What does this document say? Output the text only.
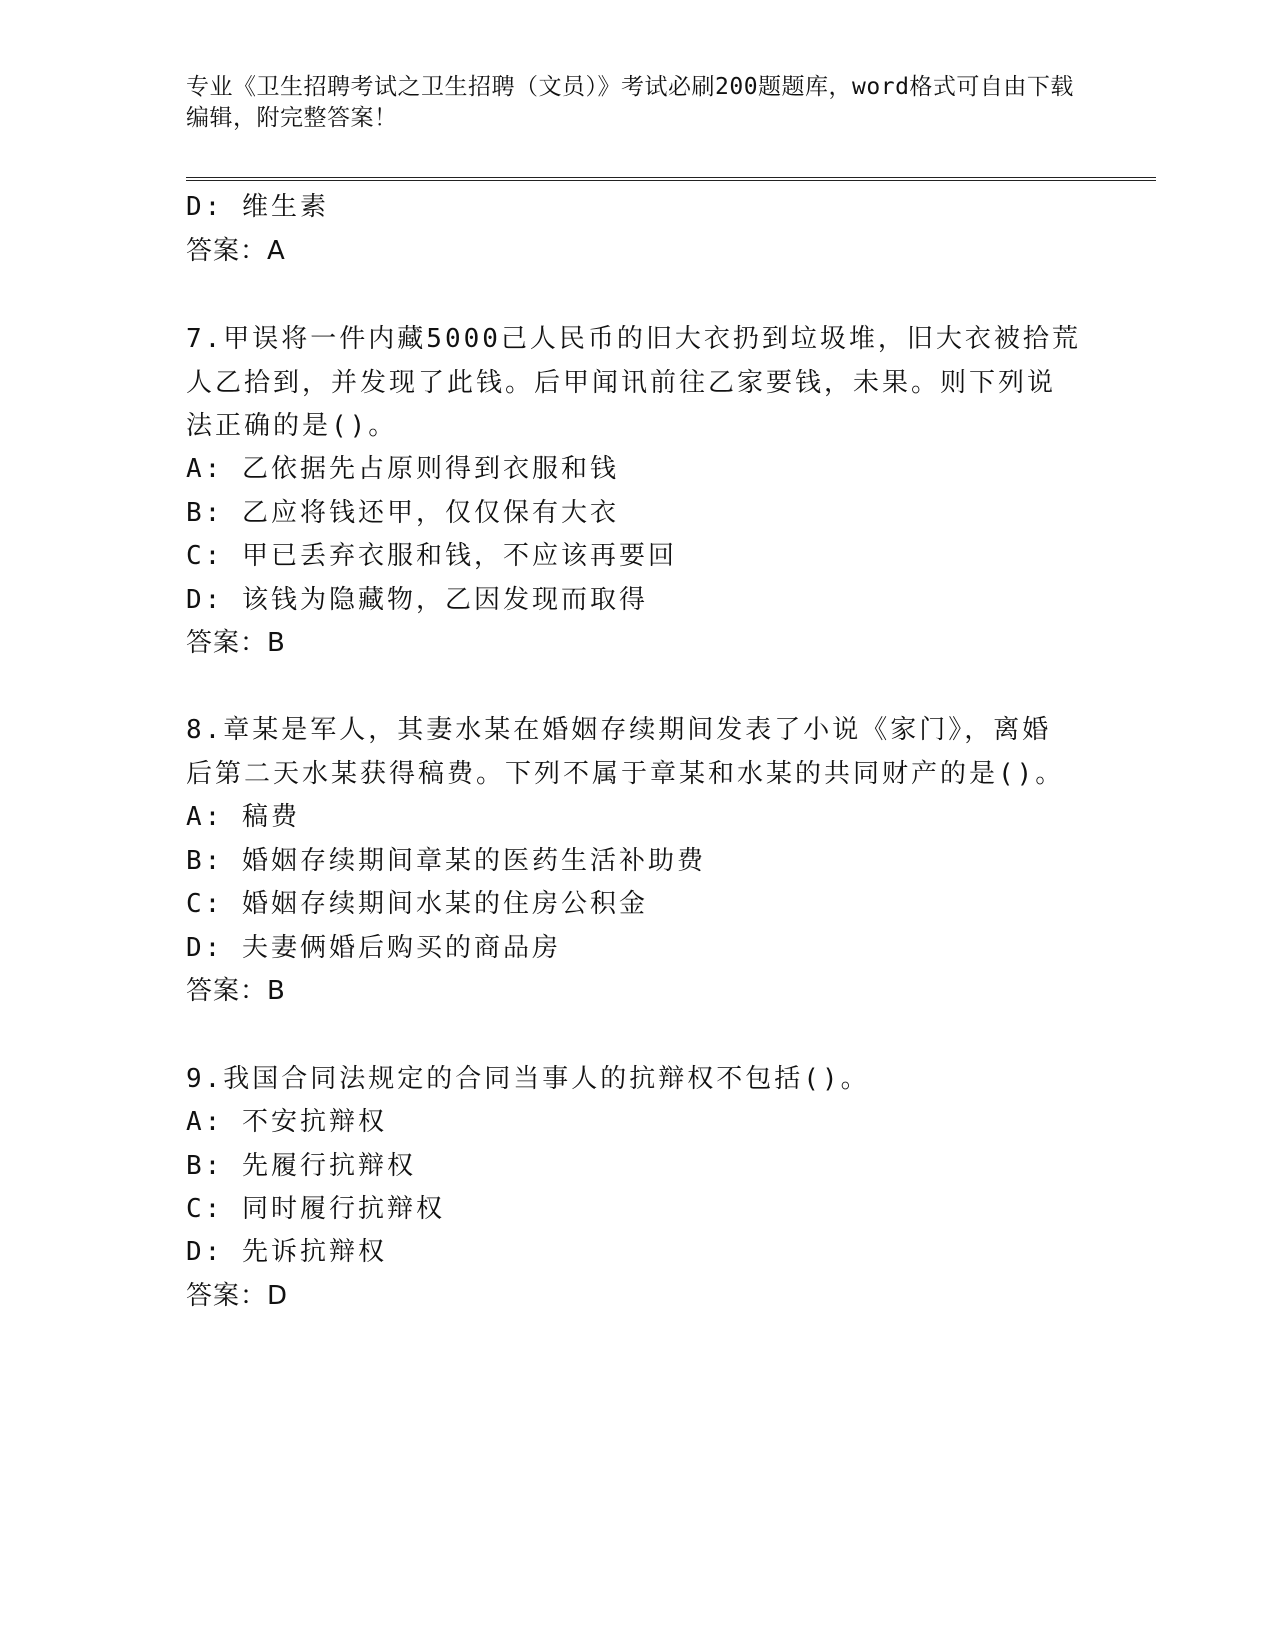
专业《卫生招聘考试之卫生招聘（文员）》考试必刷200题题库，word格式可自由下载编辑，附完整答案！
D: 维生素
答案：A
7.甲误将一件内藏5000己人民币的旧大衣扔到垃圾堆，旧大衣被拾荒
人乙拾到，并发现了此钱。后甲闻讯前往乙家要钱，未果。则下列说
法正确的是()。
A: 乙依据先占原则得到衣服和钱
B: 乙应将钱还甲，仅仅保有大衣
C: 甲已丢弃衣服和钱，不应该再要回
D: 该钱为隐藏物，乙因发现而取得
答案：B
8.章某是军人，其妻水某在婚姻存续期间发表了小说《家门》，离婚
后第二天水某获得稿费。下列不属于章某和水某的共同财产的是()。
A: 稿费
B: 婚姻存续期间章某的医药生活补助费
C: 婚姻存续期间水某的住房公积金
D: 夫妻俩婚后购买的商品房
答案：B
9.我国合同法规定的合同当事人的抗辩权不包括()。
A: 不安抗辩权
B: 先履行抗辩权
C: 同时履行抗辩权
D: 先诉抗辩权
答案：D
